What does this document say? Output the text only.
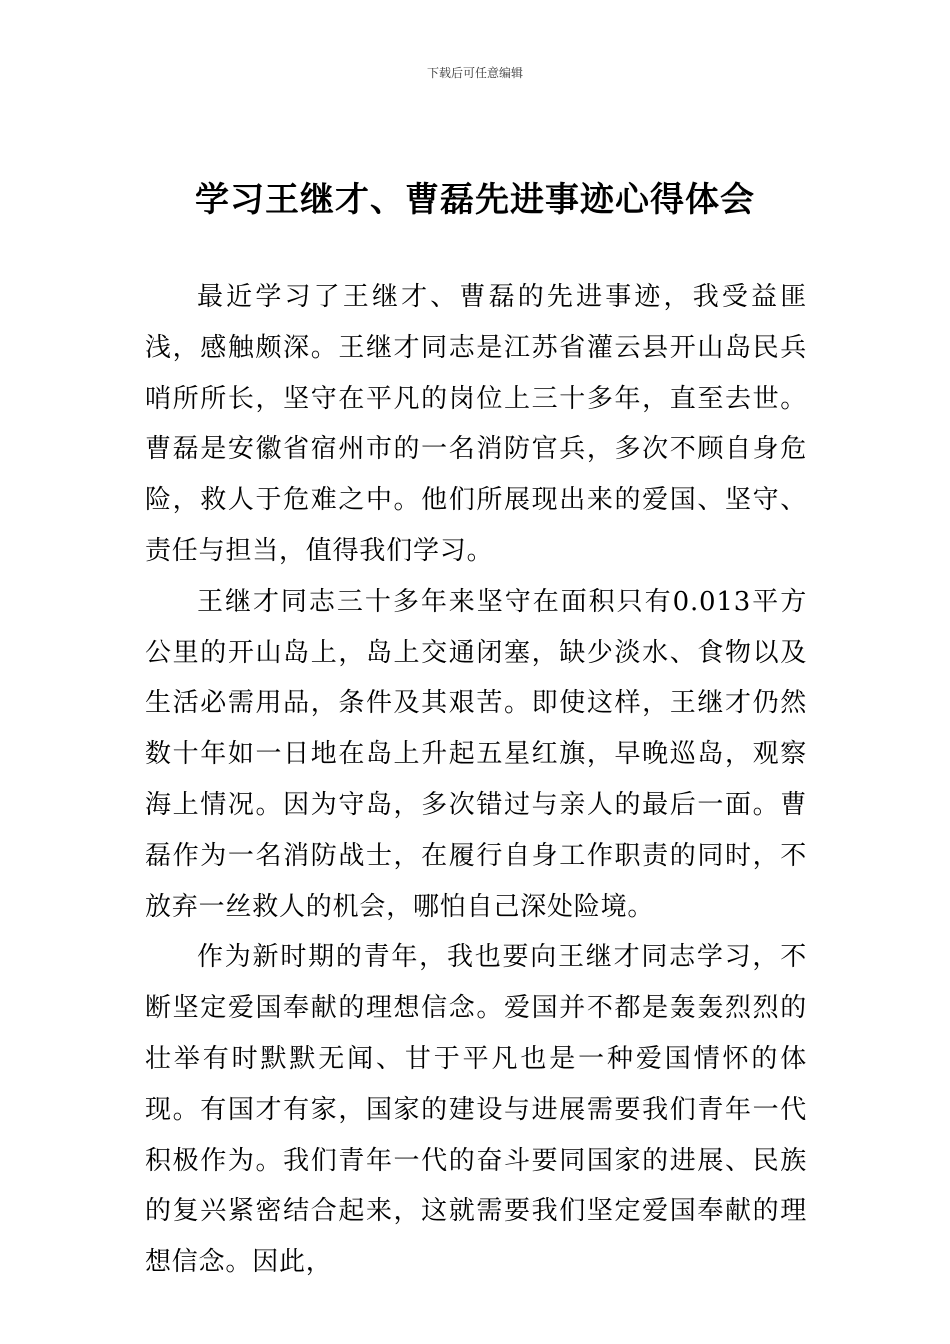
下载后可任意编辑
学习王继才、曹磊先进事迹心得体会

最近学习了王继才、曹磊的先进事迹，我受益匪浅，感触颇深。王继才同志是江苏省灌云县开山岛民兵哨所所长，坚守在平凡的岗位上三十多年，直至去世。曹磊是安徽省宿州市的一名消防官兵，多次不顾自身危险，救人于危难之中。他们所展现出来的爱国、坚守、责任与担当，值得我们学习。

王继才同志三十多年来坚守在面积只有0.013平方公里的开山岛上，岛上交通闭塞，缺少淡水、食物以及生活必需用品，条件及其艰苦。即使这样，王继才仍然数十年如一日地在岛上升起五星红旗，早晚巡岛，观察海上情况。因为守岛，多次错过与亲人的最后一面。曹磊作为一名消防战士，在履行自身工作职责的同时，不放弃一丝救人的机会，哪怕自己深处险境。

作为新时期的青年，我也要向王继才同志学习，不断坚定爱国奉献的理想信念。爱国并不都是轰轰烈烈的壮举有时默默无闻、甘于平凡也是一种爱国情怀的体现。有国才有家，国家的建设与进展需要我们青年一代积极作为。我们青年一代的奋斗要同国家的进展、民族的复兴紧密结合起来，这就需要我们坚定爱国奉献的理想信念。因此，
